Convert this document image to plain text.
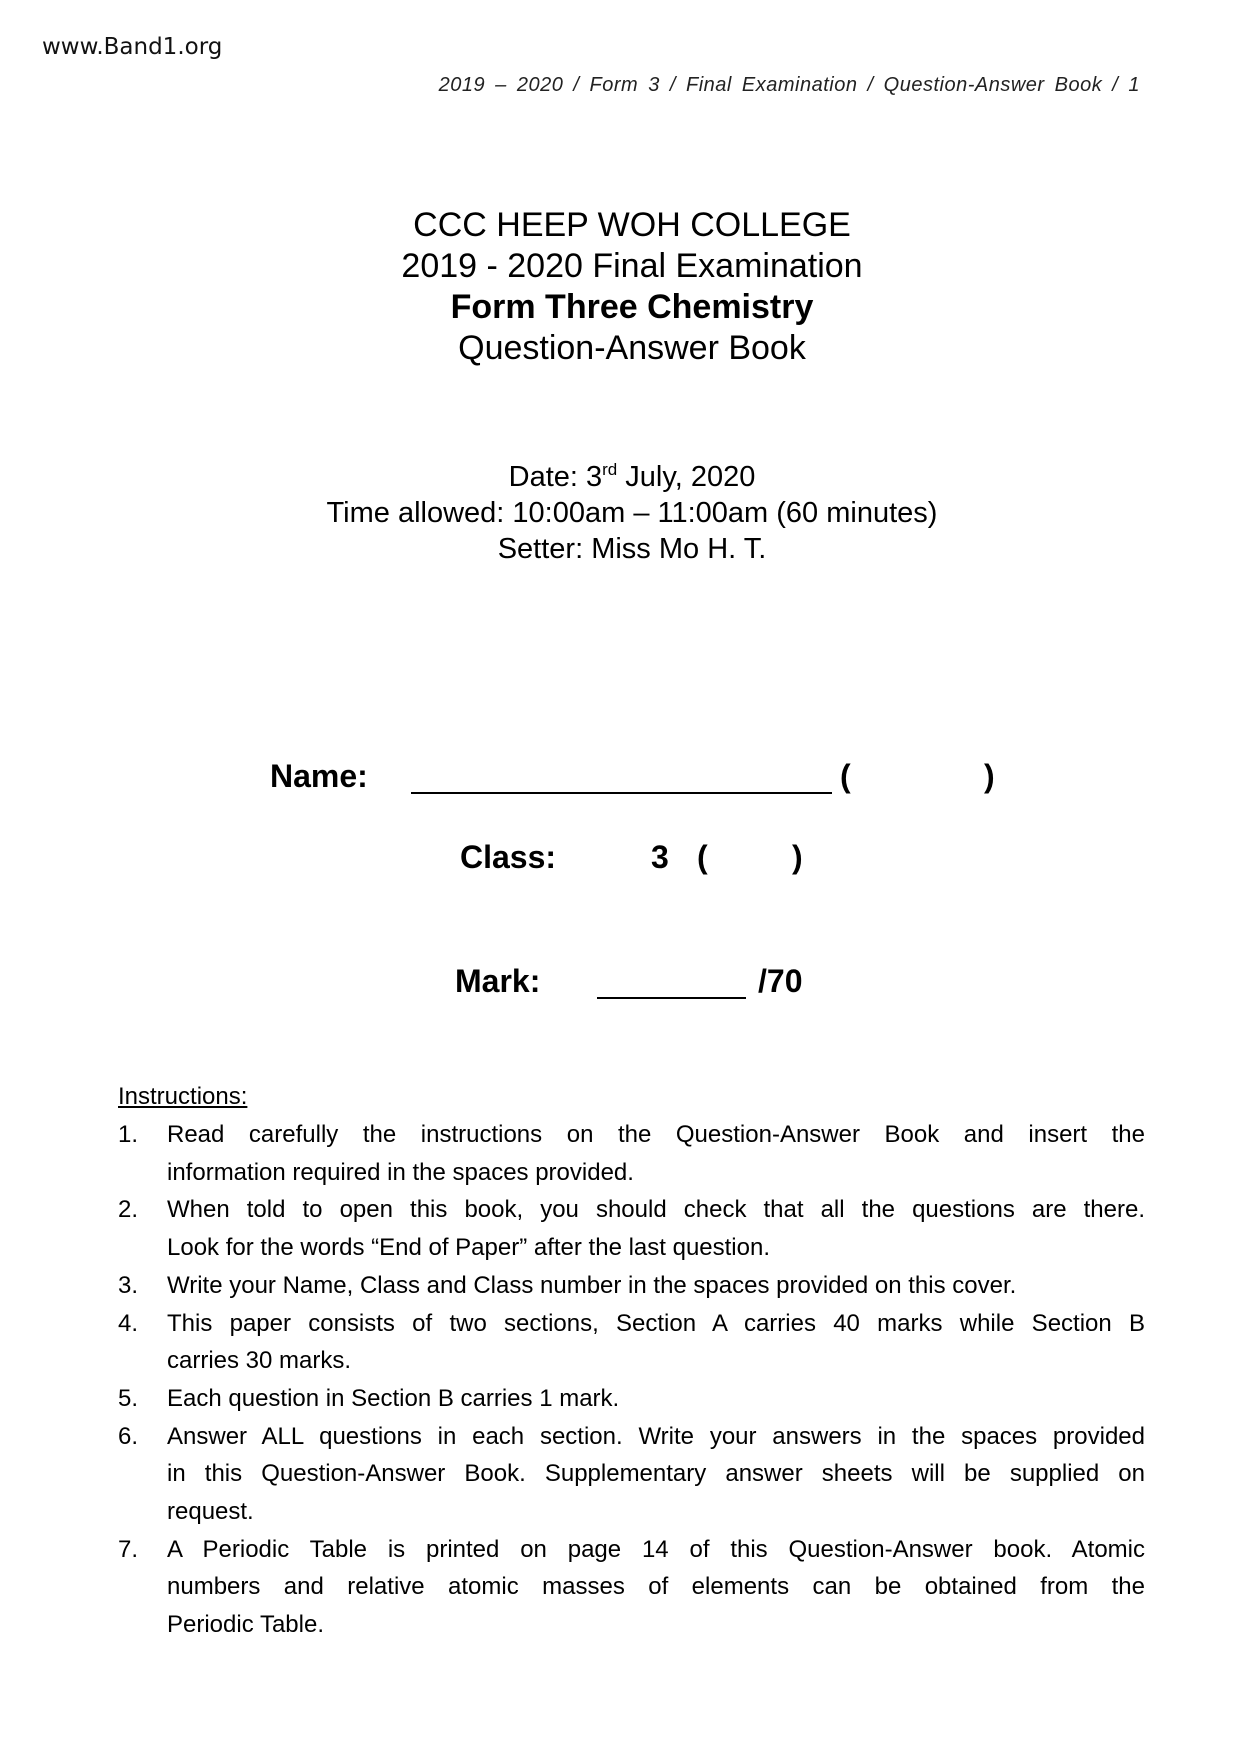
www.Band1.org
2019 – 2020 / Form 3 / Final Examination / Question-Answer Book / 1
CCC HEEP WOH COLLEGE
2019 - 2020 Final Examination
Form Three Chemistry
Question-Answer Book
Date: 3rd July, 2020
Time allowed: 10:00am – 11:00am (60 minutes)
Setter: Miss Mo H. T.
Name:	(	)
Class:	3 (	)
Mark:	/70
Instructions:
1.	Read carefully the instructions on the Question-Answer Book and insert the
information required in the spaces provided.
2.	When told to open this book, you should check that all the questions are there.
Look for the words “End of Paper” after the last question.
3.	Write your Name, Class and Class number in the spaces provided on this cover.
4.	This paper consists of two sections, Section A carries 40 marks while Section B
carries 30 marks.
5.	Each question in Section B carries 1 mark.
6.	Answer ALL questions in each section. Write your answers in the spaces provided
in this Question-Answer Book. Supplementary answer sheets will be supplied on
request.
7.	A Periodic Table is printed on page 14 of this Question-Answer book. Atomic
numbers and relative atomic masses of elements can be obtained from the
Periodic Table.
